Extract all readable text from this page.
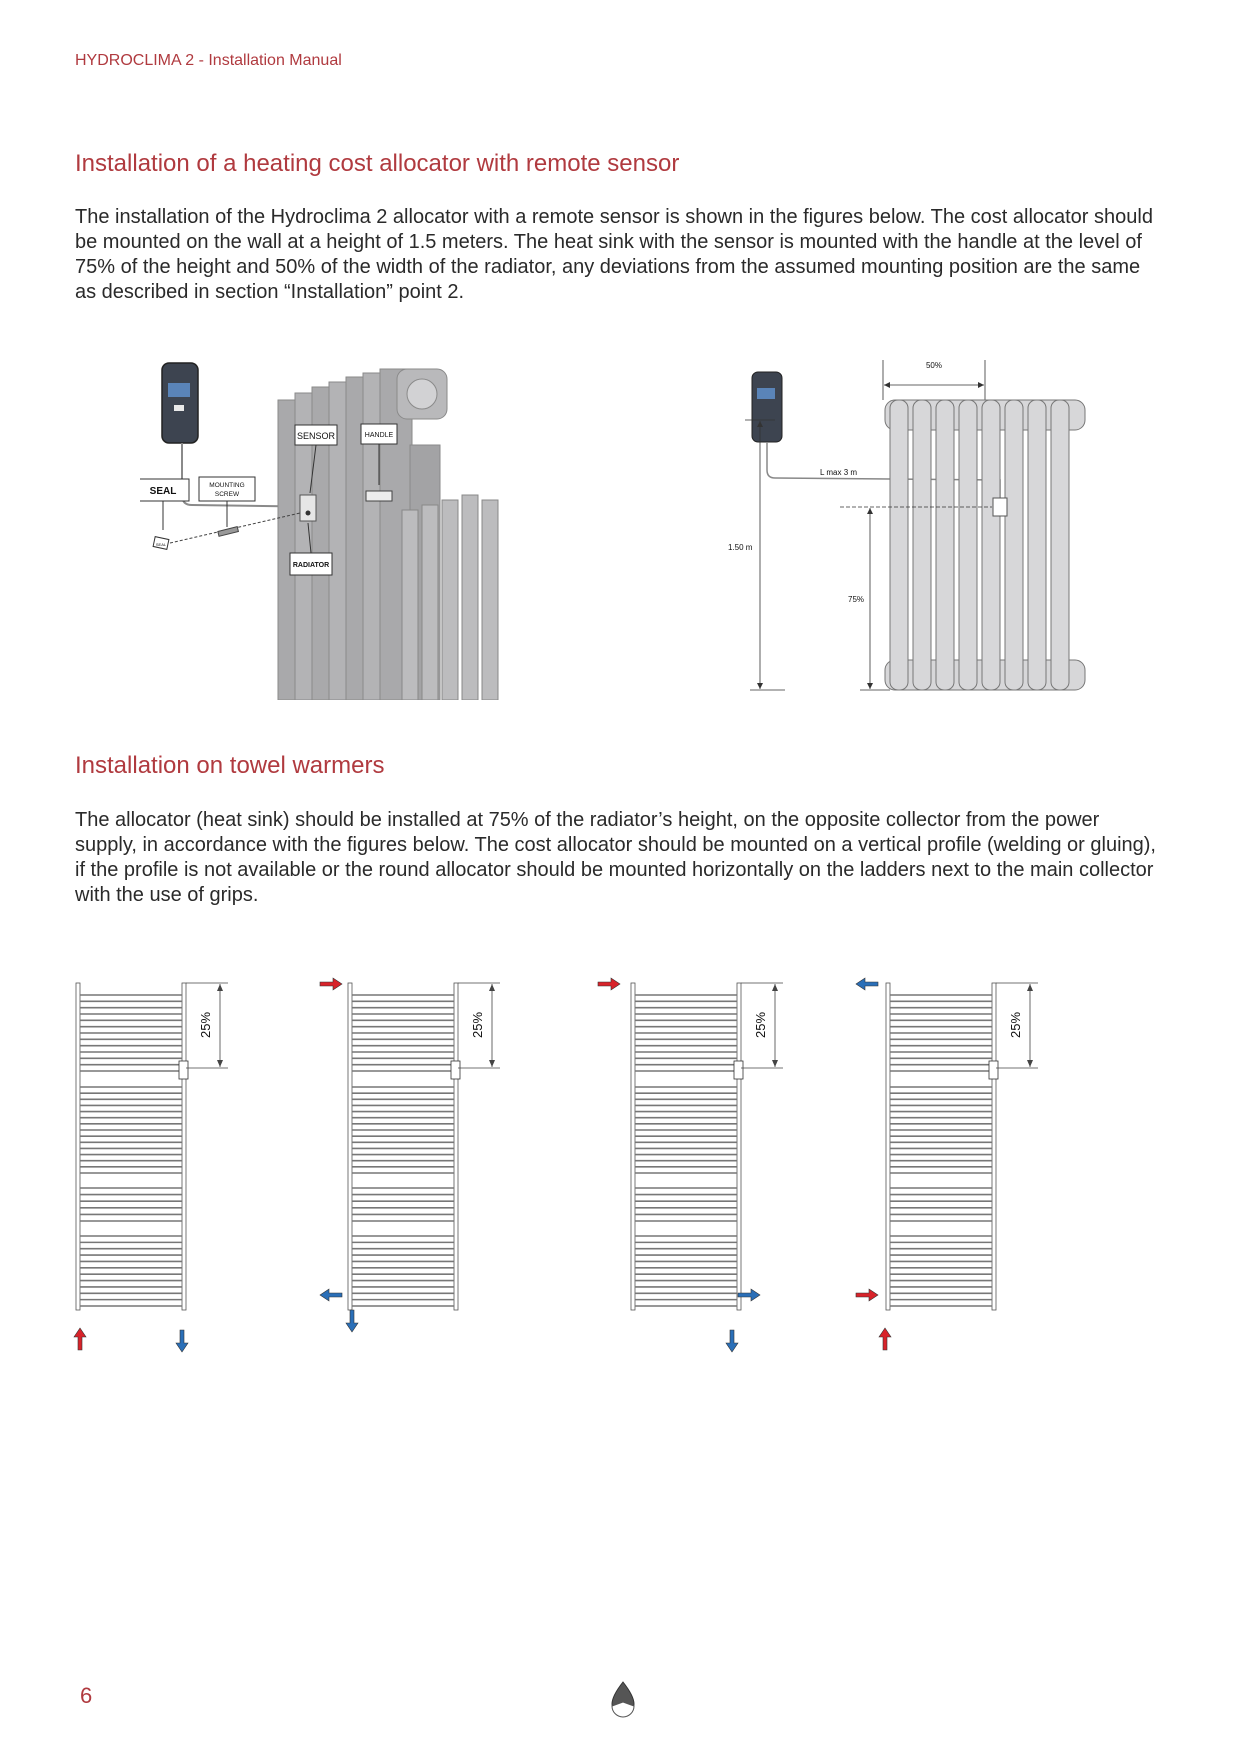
HYDROCLIMA 2 - Installation Manual
Installation of a heating cost allocator with remote sensor

The installation of the Hydroclima 2 allocator with a remote sensor is shown in the figures below. The cost allocator should be mounted on the wall at a height of 1.5 meters. The heat sink with the sensor is mounted with the handle at the level of 75% of the height and 50% of the width of the radiator, any deviations from the assumed mounting position are the same as described in section “Installation” point 2.

SENSOR	HANDLE
SEAL
MOUNTING
SCREW
SEAL
RADIATOR
L max 3 m
50%
1.50 m
75%
Installation on towel warmers

The allocator (heat sink) should be installed at 75% of the radiator’s height, on the opposite collector from the power supply, in accordance with the figures below. The cost allocator should be mounted on a vertical profile (welding or gluing), if the profile is not available or the round allocator should be mounted horizontally on the ladders next to the main collector with the use of grips.

25%	25%	25%	25%
6
